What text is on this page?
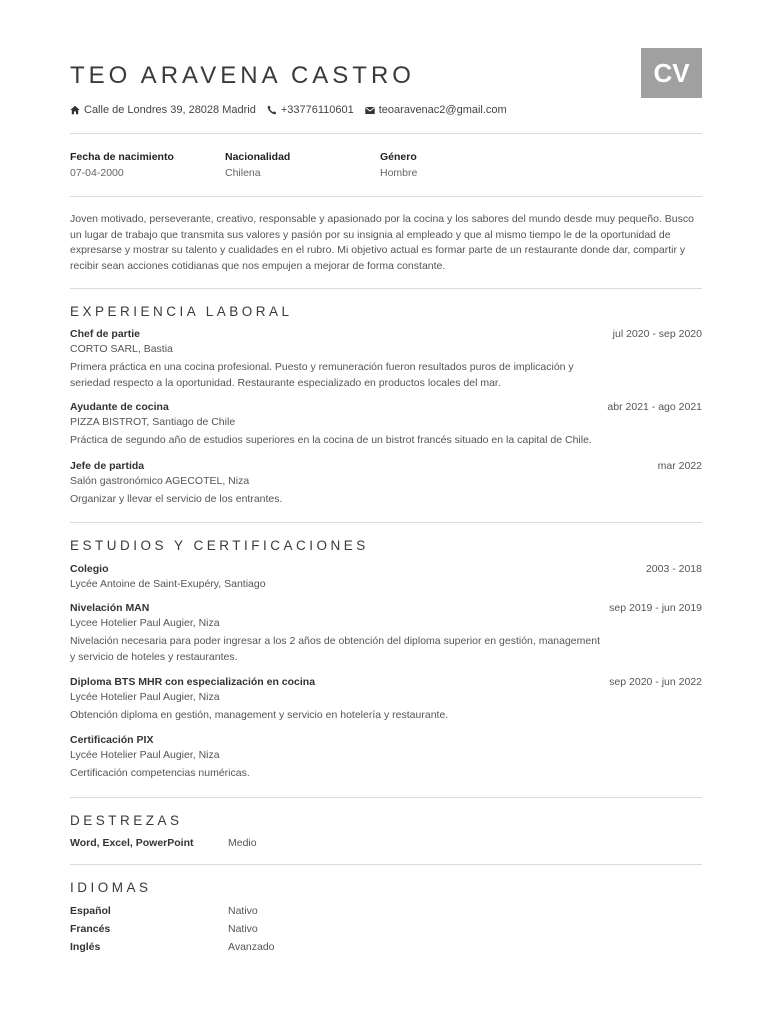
TEO ARAVENA CASTRO	CV
Calle de Londres 39, 28028 Madrid +33776110601 teoaravenac2@gmail.com
Fecha de nacimiento
07-04-2000
Nacionalidad
Chilena
Género
Hombre

Joven motivado, perseverante, creativo, responsable y apasionado por la cocina y los sabores del mundo desde muy pequeño. Busco un lugar de trabajo que transmita sus valores y pasión por su insignia al empleado y que al mismo tiempo le de la oportunidad de expresarse y mostrar su talento y cualidades en el rubro. Mi objetivo actual es formar parte de un restaurante donde dar, compartir y recibir sean acciones cotidianas que nos empujen a mejorar de forma constante.

EXPERIENCIA LABORAL
Chef de partie	jul 2020 - sep 2020
CORTO SARL, Bastia
Primera práctica en una cocina profesional. Puesto y remuneración fueron resultados puros de implicación y seriedad respecto a la oportunidad. Restaurante especializado en productos locales del mar.
Ayudante de cocina	abr 2021 - ago 2021
PIZZA BISTROT, Santiago de Chile
Práctica de segundo año de estudios superiores en la cocina de un bistrot francés situado en la capital de Chile.
Jefe de partida	mar 2022
Salón gastronómico AGECOTEL, Niza
Organizar y llevar el servicio de los entrantes.
ESTUDIOS Y CERTIFICACIONES
Colegio	2003 - 2018
Lycée Antoine de Saint-Exupéry, Santiago
Nivelación MAN	sep 2019 - jun 2019
Lycee Hotelier Paul Augier, Niza
Nivelación necesaria para poder ingresar a los 2 años de obtención del diploma superior en gestión, management y servicio de hoteles y restaurantes.
Diploma BTS MHR con especialización en cocina	sep 2020 - jun 2022
Lycée Hotelier Paul Augier, Niza
Obtención diploma en gestión, management y servicio en hotelería y restaurante.
Certificación PIX
Lycée Hotelier Paul Augier, Niza
Certificación competencias numéricas.
DESTREZAS
Word, Excel, PowerPoint	Medio
IDIOMAS
Español	Nativo
Francés	Nativo
Inglés	Avanzado
